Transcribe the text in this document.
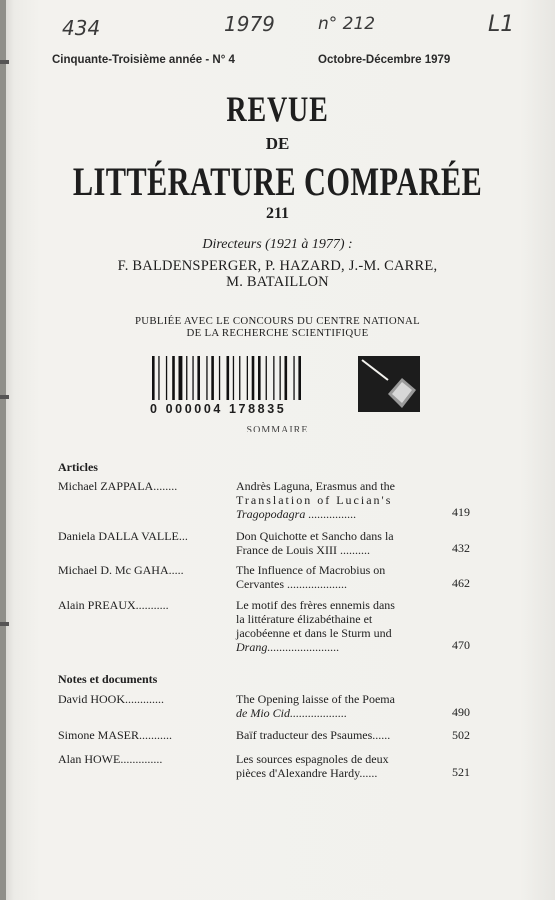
434	1979	n° 212	L1
Cinquante-Troisième année - N° 4	Octobre-Décembre 1979
REVUE
DE
LITTÉRATURE COMPARÉE
211
Directeurs (1921 à 1977) :
F. BALDENSPERGER, P. HAZARD, J.-M. CARRE,
M. BATAILLON
PUBLIÉE AVEC LE CONCOURS DU CENTRE NATIONAL
DE LA RECHERCHE SCIENTIFIQUE
0 000004 178835
SOMMAIRE
Articles
Michael ZAPPALA........	Andrès Laguna, Erasmus and the
Translation of Lucian's
Tragopodagra ................	419
Daniela DALLA VALLE...	Don Quichotte et Sancho dans la
France de Louis XIII ..........	432
Michael D. Mc GAHA.....	The Influence of Macrobius on
Cervantes ....................	462
Alain PREAUX...........	Le motif des frères ennemis dans
la littérature élizabéthaine et
jacobéenne et dans le Sturm und
Drang........................	470
Notes et documents
David HOOK.............	The Opening laisse of the Poema
de Mio Cid...................	490
Simone MASER...........	Baïf traducteur des Psaumes......	502
Alan HOWE..............	Les sources espagnoles de deux
pièces d'Alexandre Hardy......	521
